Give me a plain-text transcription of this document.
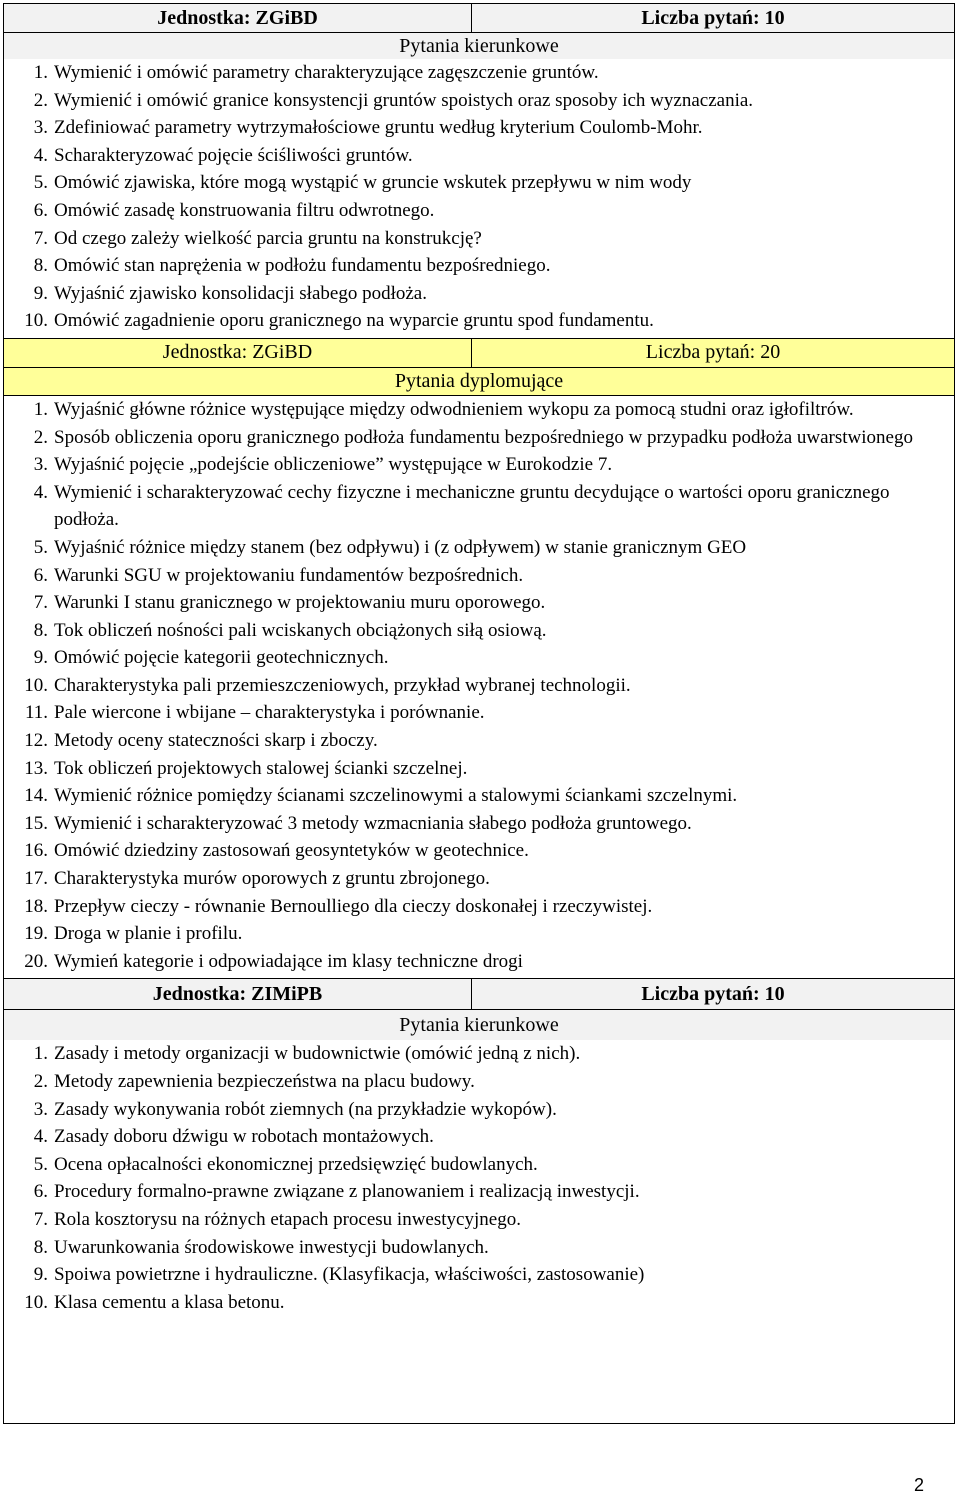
Jednostka: ZGiBD	Liczba pytań: 10
Pytania kierunkowe
1. Wymienić i omówić parametry charakteryzujące zagęszczenie gruntów.
2. Wymienić i omówić granice konsystencji gruntów spoistych oraz sposoby ich wyznaczania.
3. Zdefiniować parametry wytrzymałościowe gruntu według kryterium Coulomb-Mohr.
4. Scharakteryzować pojęcie ściśliwości gruntów.
5. Omówić zjawiska, które mogą wystąpić w gruncie wskutek przepływu w nim wody
6. Omówić zasadę konstruowania filtru odwrotnego.
7. Od czego zależy wielkość parcia gruntu na konstrukcję?
8. Omówić stan naprężenia w podłożu fundamentu bezpośredniego.
9. Wyjaśnić zjawisko konsolidacji słabego podłoża.
10. Omówić zagadnienie oporu granicznego na wyparcie gruntu spod fundamentu.
Jednostka: ZGiBD	Liczba pytań: 20
Pytania dyplomujące
1. Wyjaśnić główne różnice występujące między odwodnieniem wykopu za pomocą studni oraz igłofiltrów.
2. Sposób obliczenia oporu granicznego podłoża fundamentu bezpośredniego w przypadku podłoża uwarstwionego
3. Wyjaśnić pojęcie „podejście obliczeniowe” występujące w Eurokodzie 7.
4. Wymienić i scharakteryzować cechy fizyczne i mechaniczne gruntu decydujące o wartości oporu granicznego podłoża.
5. Wyjaśnić różnice między stanem (bez odpływu) i (z odpływem) w stanie granicznym GEO
6. Warunki SGU w projektowaniu fundamentów bezpośrednich.
7. Warunki I stanu granicznego w projektowaniu muru oporowego.
8. Tok obliczeń nośności pali wciskanych obciążonych siłą osiową.
9. Omówić pojęcie kategorii geotechnicznych.
10. Charakterystyka pali przemieszczeniowych, przykład wybranej technologii.
11. Pale wiercone i wbijane – charakterystyka i porównanie.
12. Metody oceny stateczności skarp i zboczy.
13. Tok obliczeń projektowych stalowej ścianki szczelnej.
14. Wymienić różnice pomiędzy ścianami szczelinowymi a stalowymi ściankami szczelnymi.
15. Wymienić i scharakteryzować 3 metody wzmacniania słabego podłoża gruntowego.
16. Omówić dziedziny zastosowań geosyntetyków w geotechnice.
17. Charakterystyka murów oporowych z gruntu zbrojonego.
18. Przepływ cieczy - równanie Bernoulliego dla cieczy doskonałej i rzeczywistej.
19. Droga w planie i profilu.
20. Wymień kategorie i odpowiadające im klasy techniczne drogi
Jednostka: ZIMiPB	Liczba pytań: 10
Pytania kierunkowe
1. Zasady i metody organizacji w budownictwie (omówić jedną z nich).
2. Metody zapewnienia bezpieczeństwa na placu budowy.
3. Zasady wykonywania robót ziemnych (na przykładzie wykopów).
4. Zasady doboru dźwigu w robotach montażowych.
5. Ocena opłacalności ekonomicznej przedsięwzięć budowlanych.
6. Procedury formalno-prawne związane z planowaniem i realizacją inwestycji.
7. Rola kosztorysu na różnych etapach procesu inwestycyjnego.
8. Uwarunkowania środowiskowe inwestycji budowlanych.
9. Spoiwa powietrzne i hydrauliczne. (Klasyfikacja, właściwości, zastosowanie)
10. Klasa cementu a klasa betonu.
2
